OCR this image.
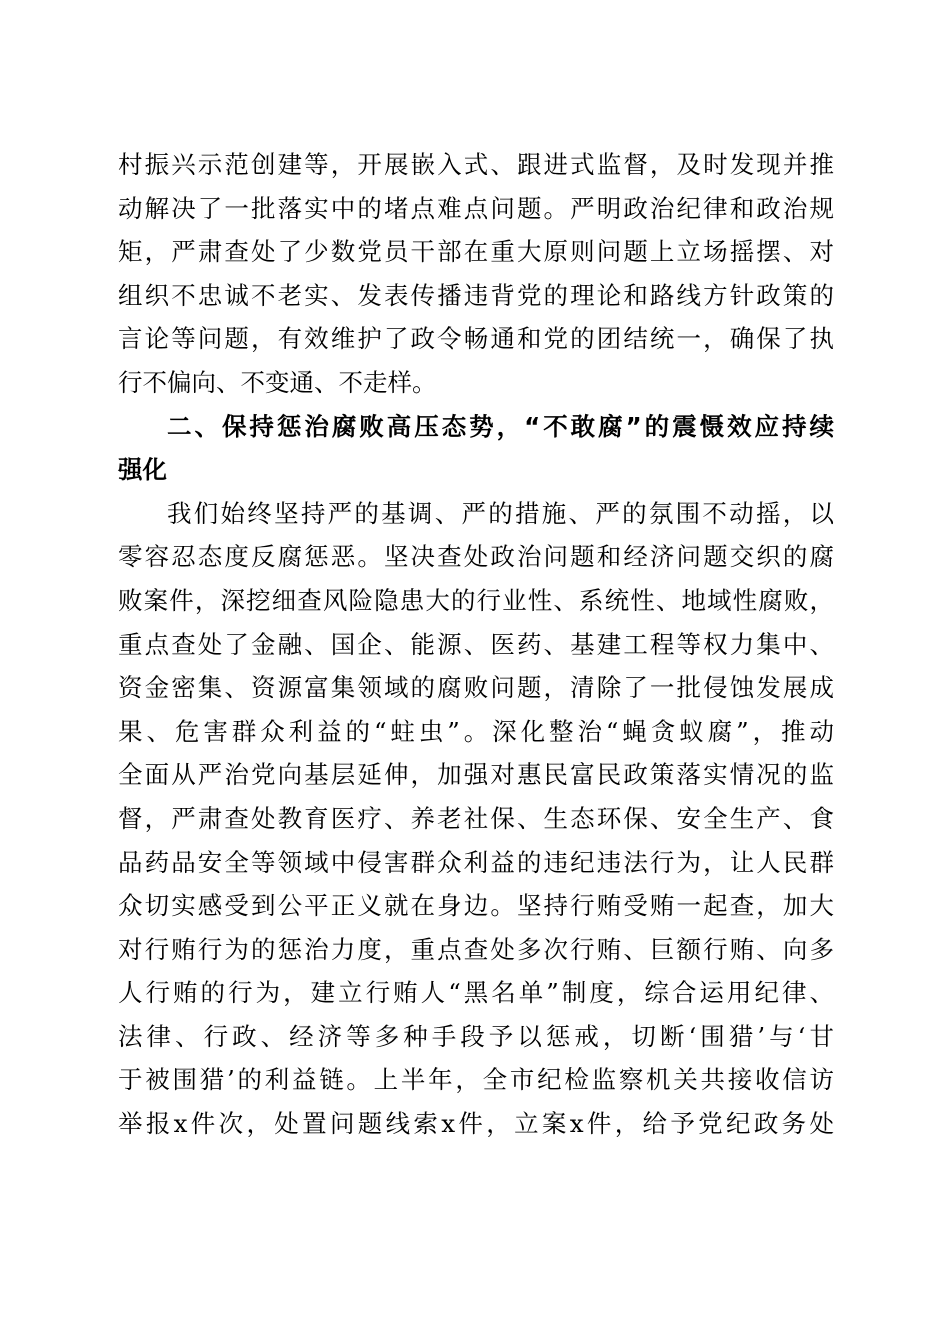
村振兴示范创建等，开展嵌入式、跟进式监督，及时发现并推
动解决了一批落实中的堵点难点问题。严明政治纪律和政治规
矩，严肃查处了少数党员干部在重大原则问题上立场摇摆、对
组织不忠诚不老实、发表传播违背党的理论和路线方针政策的
言论等问题，有效维护了政令畅通和党的团结统一，确保了执
行不偏向、不变通、不走样。
二、保持惩治腐败高压态势，“不敢腐”的震慑效应持续
强化
我们始终坚持严的基调、严的措施、严的氛围不动摇，以
零容忍态度反腐惩恶。坚决查处政治问题和经济问题交织的腐
败案件，深挖细查风险隐患大的行业性、系统性、地域性腐败，
重点查处了金融、国企、能源、医药、基建工程等权力集中、
资金密集、资源富集领域的腐败问题，清除了一批侵蚀发展成
果、危害群众利益的“蛀虫”。深化整治“蝇贪蚁腐”，推动
全面从严治党向基层延伸，加强对惠民富民政策落实情况的监
督，严肃查处教育医疗、养老社保、生态环保、安全生产、食
品药品安全等领域中侵害群众利益的违纪违法行为，让人民群
众切实感受到公平正义就在身边。坚持行贿受贿一起查，加大
对行贿行为的惩治力度，重点查处多次行贿、巨额行贿、向多
人行贿的行为，建立行贿人“黑名单”制度，综合运用纪律、
法律、行政、经济等多种手段予以惩戒，切断‘围猎’与‘甘
于被围猎’的利益链。上半年，全市纪检监察机关共接收信访
举报x件次，处置问题线索x件，立案x件，给予党纪政务处
